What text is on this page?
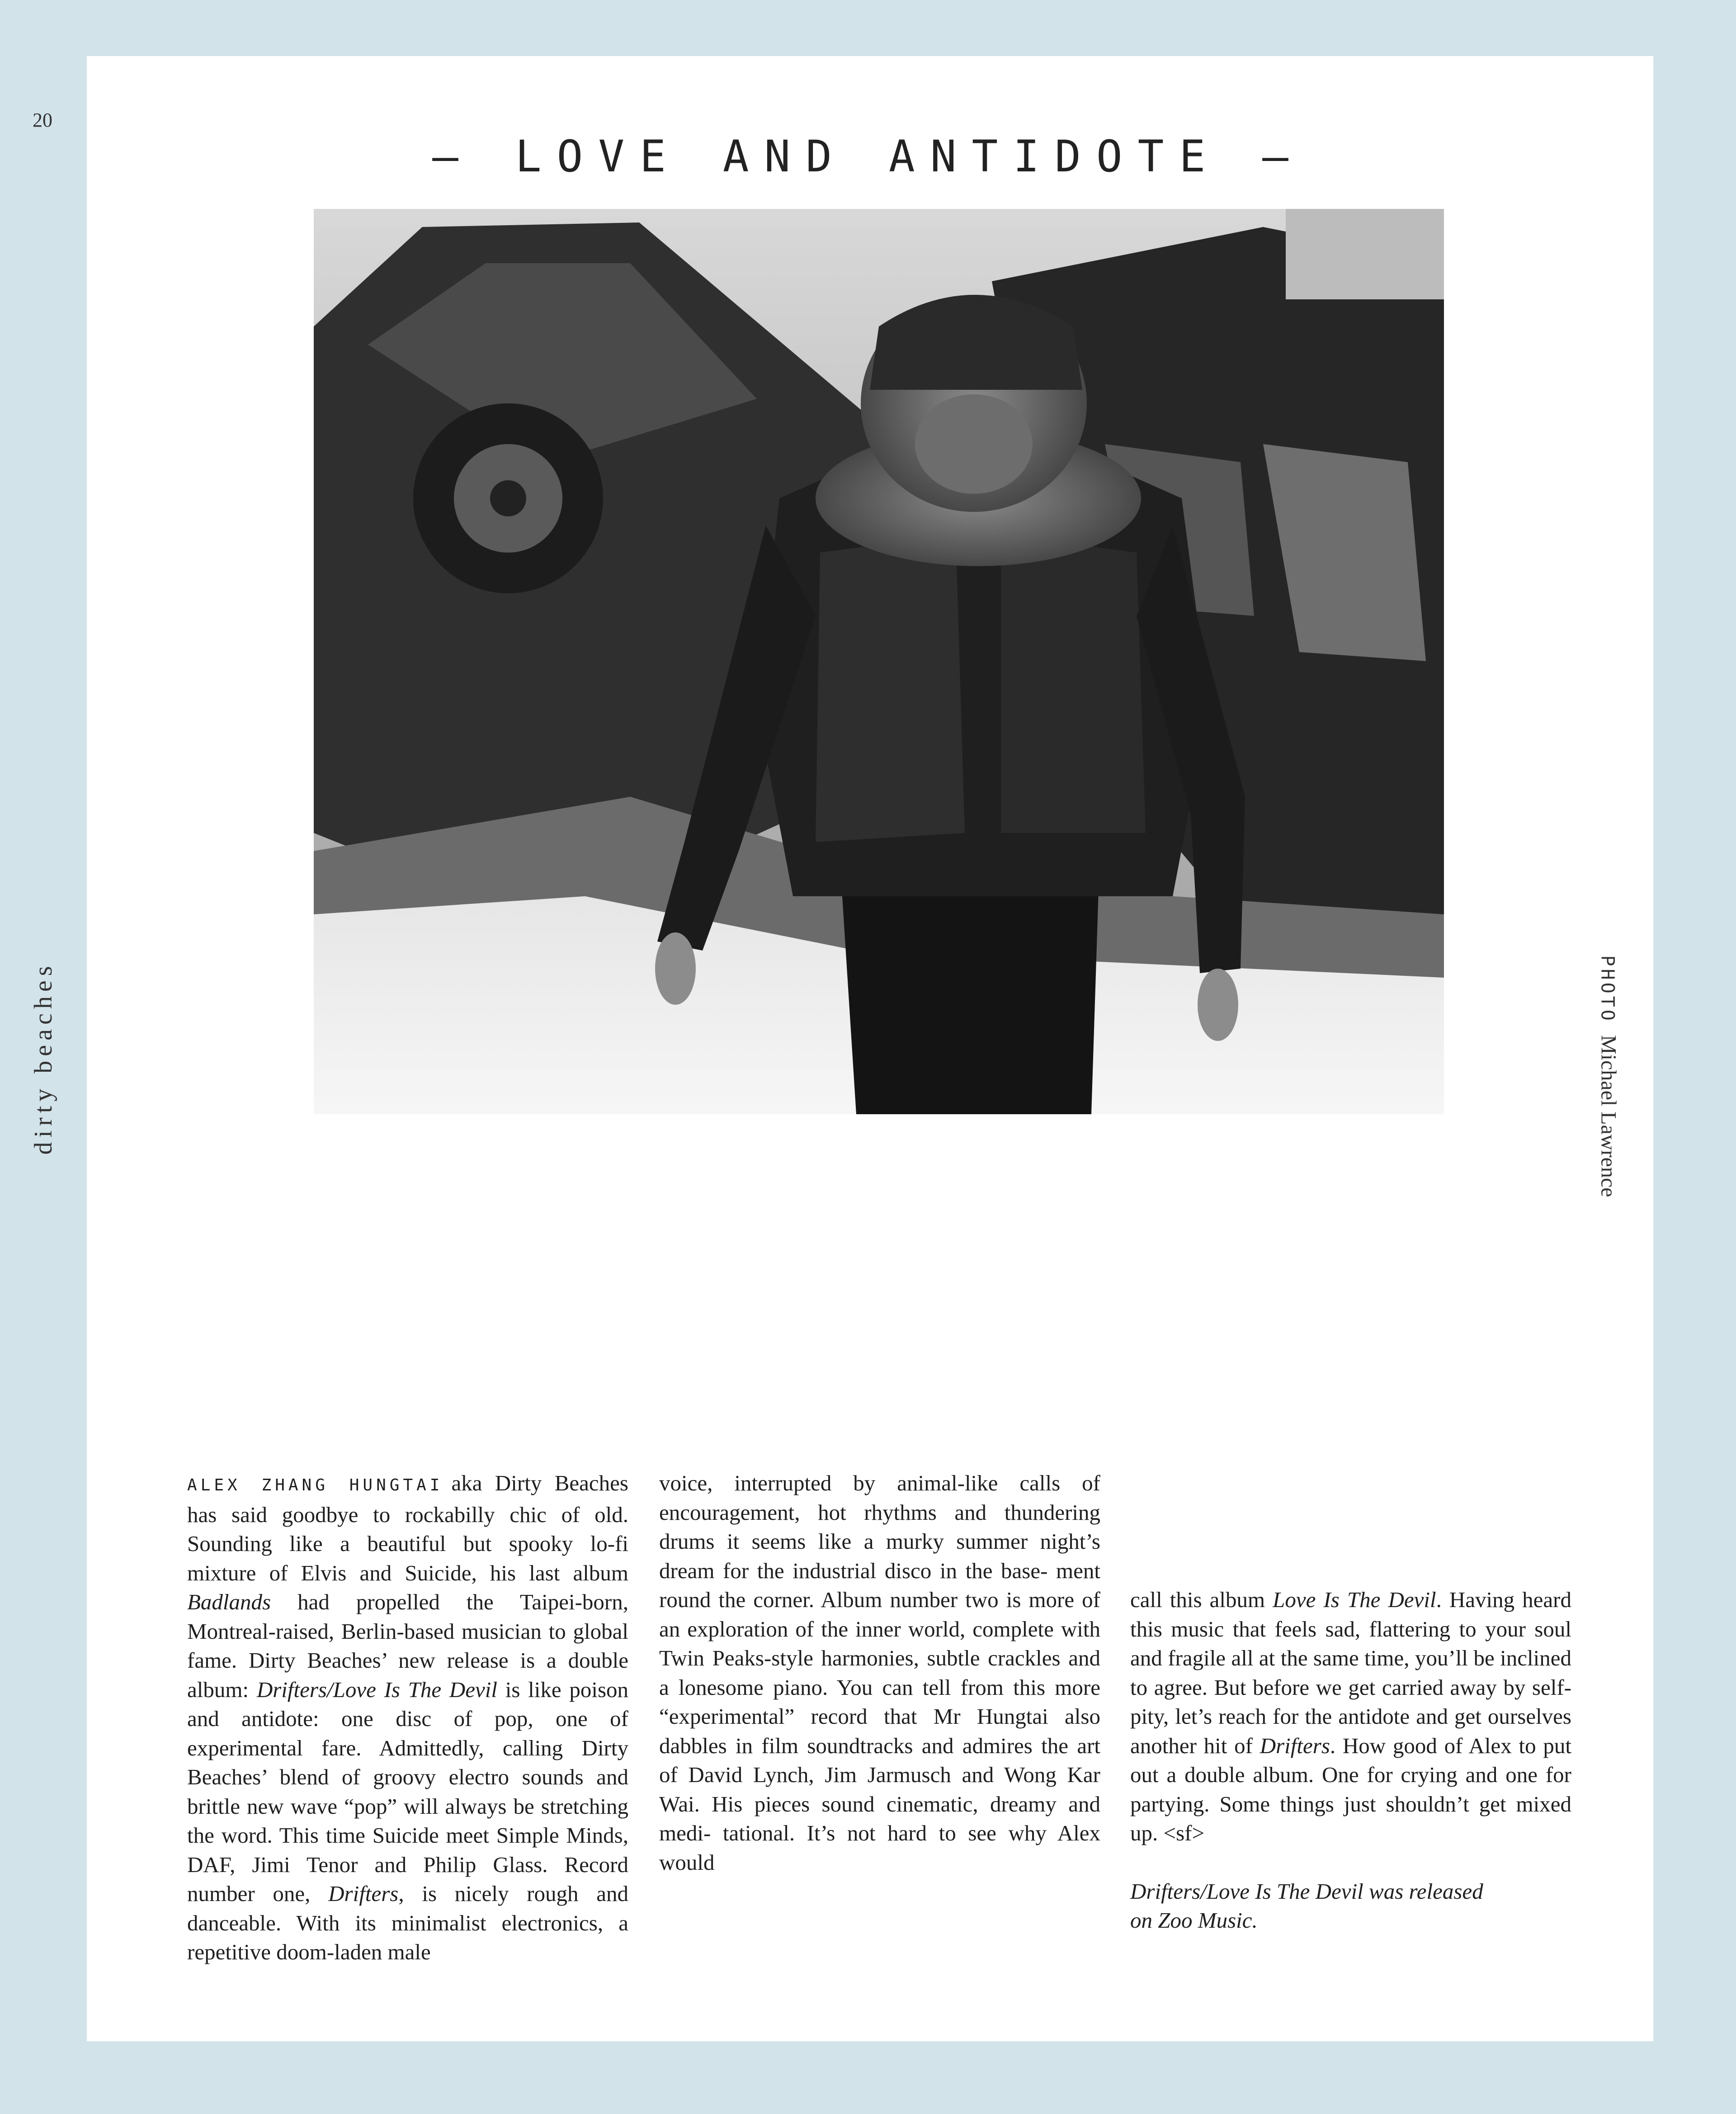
20
dirty beaches
– LOVE AND ANTIDOTE –
PHOTO Michael Lawrence

ALEX ZHANG HUNGTAI aka Dirty Beaches has said goodbye to rockabilly chic of old. Sounding like a beautiful but spooky lo-fi mixture of Elvis and Suicide, his last album Badlands had propelled the Taipei-born, Montreal-raised, Berlin-based musician to global fame. Dirty Beaches’ new release is a double album: Drifters/Love Is The Devil is like poison and antidote: one disc of pop, one of experimental fare. Admittedly, calling Dirty Beaches’ blend of groovy electro sounds and brittle new wave “pop” will always be stretching the word. This time Suicide meet Simple Minds, DAF, Jimi Tenor and Philip Glass. Record number one, Drifters, is nicely rough and danceable. With its minimalist electronics, a repetitive doom-laden male

voice, interrupted by animal-like calls of encouragement, hot rhythms and thundering drums it seems like a murky summer night’s dream for the industrial disco in the base- ment round the corner. Album number two is more of an exploration of the inner world, complete with Twin Peaks-style harmonies, subtle crackles and a lonesome piano. You can tell from this more “experimental” record that Mr Hungtai also dabbles in film soundtracks and admires the art of David Lynch, Jim Jarmusch and Wong Kar Wai. His pieces sound cinematic, dreamy and medi- tational. It’s not hard to see why Alex would

call this album Love Is The Devil. Having heard this music that feels sad, flattering to your soul and fragile all at the same time, you’ll be inclined to agree. But before we get carried away by self-pity, let’s reach for the antidote and get ourselves another hit of Drifters. How good of Alex to put out a double album. One for crying and one for partying. Some things just shouldn’t get mixed up. <sf>

Drifters/Love Is The Devil was released
on Zoo Music.
